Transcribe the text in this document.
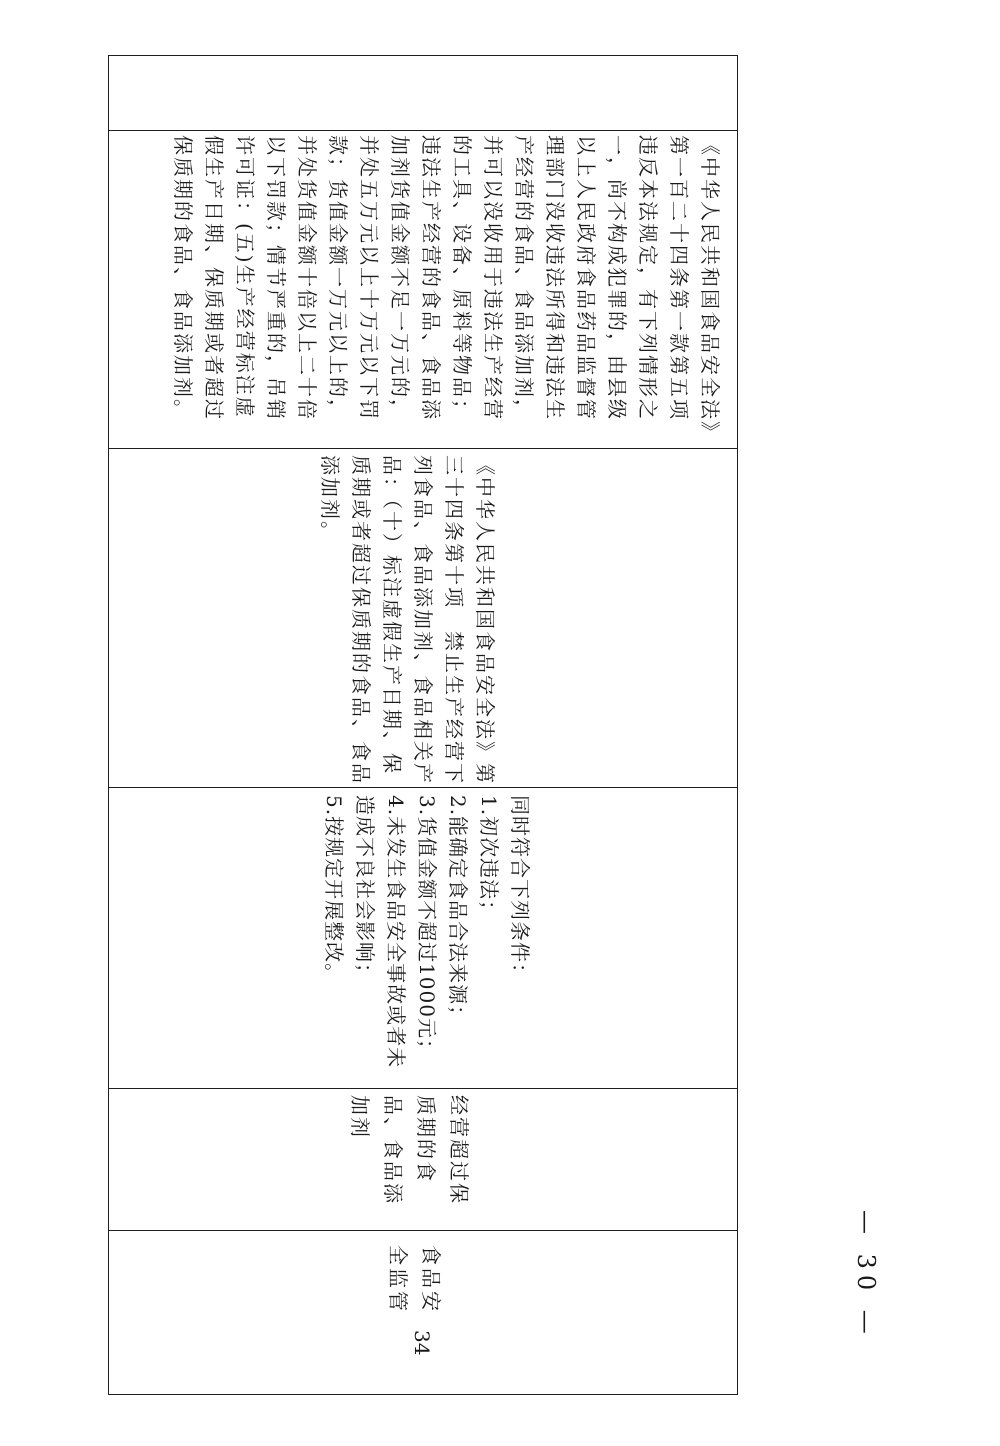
《中华人民共和国食品安全法》第一百二十四条第一款第五项　违反本法规定，有下列情形之一，尚不构成犯罪的，由县级以上人民政府食品药品监督管理部门没收违法所得和违法生产经营的食品、食品添加剂，并可以没收用于违法生产经营的工具、设备、原料等物品；违法生产经营的食品、食品添加剂货值金额不足一万元的，并处五万元以上十万元以下罚款；货值金额一万元以上的，并处货值金额十倍以上二十倍以下罚款；情节严重的，吊销许可证：(五)生产经营标注虚假生产日期、保质期或者超过保质期的食品、食品添加剂。

《中华人民共和国食品安全法》第三十四条第十项　禁止生产经营下列食品、食品添加剂、食品相关产品：（十）标注虚假生产日期、保质期或者超过保质期的食品、食品添加剂。

同时符合下列条件：

1.初次违法；

2.能确定食品合法来源；

3.货值金额不超过1000元；

4.未发生食品安全事故或者未造成不良社会影响；

5.按规定开展整改。

经营超过保质期的食品、食品添加剂

食品安全监管

34

— 30 —
